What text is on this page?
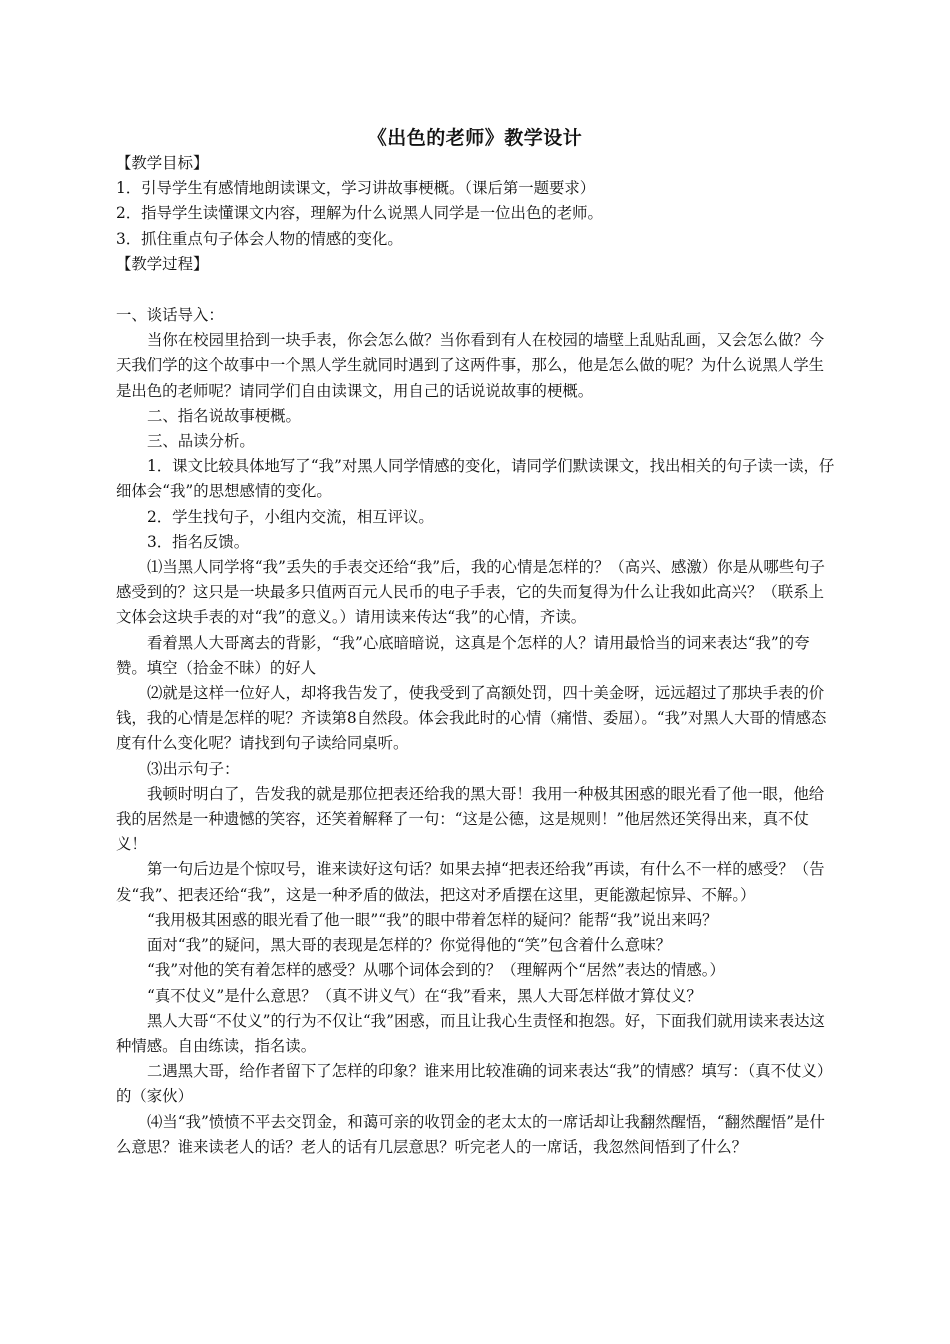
《出色的老师》教学设计

【教学目标】

1．引导学生有感情地朗读课文，学习讲故事梗概。（课后第一题要求）

2．指导学生读懂课文内容，理解为什么说黑人同学是一位出色的老师。

3．抓住重点句子体会人物的情感的变化。

【教学过程】

一、谈话导入：

当你在校园里拾到一块手表，你会怎么做？当你看到有人在校园的墙壁上乱贴乱画，又会怎么做？今天我们学的这个故事中一个黑人学生就同时遇到了这两件事，那么，他是怎么做的呢？为什么说黑人学生是出色的老师呢？请同学们自由读课文，用自己的话说说故事的梗概。

二、指名说故事梗概。

三、品读分析。

1．课文比较具体地写了“我”对黑人同学情感的变化，请同学们默读课文，找出相关的句子读一读，仔细体会“我”的思想感情的变化。

2．学生找句子，小组内交流，相互评议。

3．指名反馈。

⑴当黑人同学将“我”丢失的手表交还给“我”后，我的心情是怎样的？（高兴、感激）你是从哪些句子感受到的？这只是一块最多只值两百元人民币的电子手表，它的失而复得为什么让我如此高兴？（联系上文体会这块手表的对“我”的意义。）请用读来传达“我”的心情，齐读。

看着黑人大哥离去的背影，“我”心底暗暗说，这真是个怎样的人？请用最恰当的词来表达“我”的夸赞。填空（拾金不昧）的好人

⑵就是这样一位好人，却将我告发了，使我受到了高额处罚，四十美金呀，远远超过了那块手表的价钱，我的心情是怎样的呢？齐读第8自然段。体会我此时的心情（痛惜、委屈）。“我”对黑人大哥的情感态度有什么变化呢？请找到句子读给同桌听。

⑶出示句子：

我顿时明白了，告发我的就是那位把表还给我的黑大哥！我用一种极其困惑的眼光看了他一眼，他给我的居然是一种遗憾的笑容，还笑着解释了一句：“这是公德，这是规则！”他居然还笑得出来，真不仗义！

第一句后边是个惊叹号，谁来读好这句话？如果去掉“把表还给我”再读，有什么不一样的感受？（告发“我”、把表还给“我”，这是一种矛盾的做法，把这对矛盾摆在这里，更能激起惊异、不解。）

“我用极其困惑的眼光看了他一眼”“我”的眼中带着怎样的疑问？能帮“我”说出来吗？

面对“我”的疑问，黑大哥的表现是怎样的？你觉得他的“笑”包含着什么意味？

“我”对他的笑有着怎样的感受？从哪个词体会到的？（理解两个“居然”表达的情感。）

“真不仗义”是什么意思？（真不讲义气）在“我”看来，黑人大哥怎样做才算仗义？

黑人大哥“不仗义”的行为不仅让“我”困惑，而且让我心生责怪和抱怨。好，下面我们就用读来表达这种情感。自由练读，指名读。

二遇黑大哥，给作者留下了怎样的印象？谁来用比较准确的词来表达“我”的情感？填写：（真不仗义）的（家伙）

⑷当“我”愤愤不平去交罚金，和蔼可亲的收罚金的老太太的一席话却让我翻然醒悟，“翻然醒悟”是什么意思？谁来读老人的话？老人的话有几层意思？听完老人的一席话，我忽然间悟到了什么？
